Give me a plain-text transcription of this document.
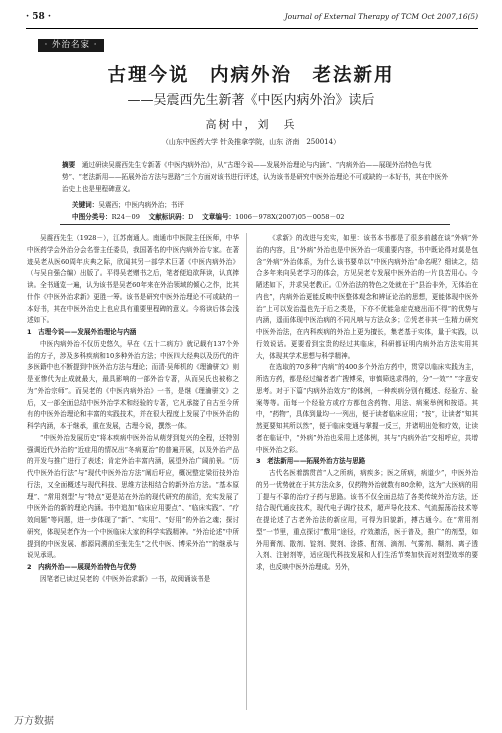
· 58 ·	Journal of External Therapy of TCM Oct 2007,16(5)
· 外治名家 ·
古理今说　内病外治　老法新用
——吴震西先生新著《中医内病外治》读后
高树中，刘　兵
（山东中医药大学 针灸推拿学院，山东 济南　250014）
摘要  通过研读吴震西先生专新著《中医内病外治》，从“古理今说——发展外治理论与内涵”、“内病外治——展现外治特色与优势”、“老法新用——拓展外治方法与思路”三个方面对该书进行评述，认为该书是研究中医外治理论不可或缺的一本好书，其在中医外治史上也是里程碑意义。
关键词：吴震西；中医内病外治；书评
中图分类号：R24－09  文献标识码：D  文章编号：1006－978X(2007)05－0058－02

吴震西先生（1928－），江苏南通人。南通市中医院主任医师，中华中医药学会外治分会名誉主任委员，我国著名的中医内病外治专家。在著迹吴老从医60周年庆典之际，欣闻其另一部学术巨著《中医内病外治》（与吴自强合编）出版了。平得吴老赠书之后，笔者便迫欲拜读，认真捧读。全书通览一遍，认为该书是吴老60年来在外治领域的倾心之作，比其什作《中医外治求新》更胜一筹。该书是研究中医外治理论不可或缺的一本好书，其在中医外治史上也应具有重要里程碑的意义。今将读后体会浅述如下。

1　古理今说——发展外治理论与内涵

中医内病外治不仅历史悠久，早在《五十二病方》就记载有137个外治的方子，涉及多科疾病和10多种外治方法；中医四大经典以及历代的许多医籍中也不断提到中医外治方法与理论；而清·吴师机的《理瀹骈文》则是亚惨代为止成就最大，最具影响的一部外治专著，从而吴氏也被称之为“外治宗师”。而吴老的《中医内病外治》一书，是继《理瀹骈文》之后，又一部全面总结中医外治学术和经验的专著，它凡承接了自古至今所有的中医外治理论和丰富的实践技术，并在很大程度上发展了中医外治的科学内涵，本于继承，重在发展，古理今说，撰然一体。

“中医外治发展历史”将本疾病中医外治从萌芽到复兴的全程，还特别强调近代外治的“近症用的情况出“冬病夏治”的普遍开展，以及外治产品的开发与推广进行了表述；肯定外治丰富内涵，展望外治广阔前景。“历代中医外治行法”与“现代中医外治方法”阐后吁应，概况整定梁衍技外治行法，又全面概述与现代科技、思维方法相结合的新外治方法。“基本原理”、“常用剂型”与“特点”更是站在外治的现代研究的前沿，充实发展了中医外治的新的理论内涵。书中追加“临床应用要点”、“临床实践”、“疗效间题”等问题，进一步体现了“新”、“实用”、“好用”的外治之魂；探讨研究，体现吴老作为一个中医临床大家的科学实践精神。“外治论述”中所提到的中医发展、都源同溯前至张先生”之代中医、博采外治“”的继承与说见承讯。

2　内病外治——展现外治特色与优势

因笔者已读过吴老的《中医外治求新》一书，故阅诵该书是

《求新》的改进与充实，如里：该书本书都是了很多前越在谈“外病”外治的内容，且“外病”外治也是中医外治一项重要内容，书中既论得对莫是包含“外病”外治体系，为什么该书要单以“中医内病外治”命名呢？细读之，结合多年来向吴老学习的体会，方见吴老专发展中医外治的一片良苦用心。今陋述如下，并求吴老教正。①外治法的特色之处就在于“县治非外，无体治在内也”，内病外治更能反映中医整体观念和辨证论治的思想，更能体现中医外治“上可以发治温也先于后之类是，下亦不优能急症克疲出而不得”的优势与内涵，遥而体现中医治病的不同凡响与方法众多；②凭老非其一生精力研究中医外治法，在内科疾病的外治上更为擅长，集老基于实体，量于实践，以行效说话。更要看到宝贵的经过其临床，科研都证明内病外治方法实用其大，体现其学术思想与科学精神。

在选取的70多种“内病”的400多个外治方药中，贯穿以临床实践为主，所选方药，都是经过编者者广搜博采，审慎筛选求得的，分“一效”“ ”字意安思考。对于下篇“内病外治效方”的体例，一种疾病分别有概述、经验方、验案等等。而每一个经验方或疗方都包含药物、用法、病案举例和按语。其中，“药物”，具体到量均一一列出，便于读者临床应用；“按”，让读者“知其然更要知其所以然”，便于临床变通与掌握一反三，并诸明出处和疗效，让读者在临证中，“外病”外治也采用上述体例，其与“内病外治”交相呼应，共增中医外治之彩。

3　老法新用——拓展外治方法与思路

古代名医着鹊贯首“人之所病，病疾多；医之所病，病道少”，中医外治的另一优势就在于其方法众多，仅药物外治就数有80余种，这为“大医病的用丁提与不靠的治疗子药与思路。该书不仅全面总结了各类传统外治方法，还结合现代通皮技术，现代电子调疗技术，超声导化技术、气流振荡治技术等在提论述了古老外治法的新应用，可得为旧貌新，搏古通今。在“常用剂型”一节里，重点探讨“敷用”途径，疗效激活，医于普及，推广”的剂型，如外用膏剂、散剂、锭剂、熨剂、涂搽、酊剂、滴剂、气雾剂、糊剂、离子透入剂、注射剂等，适应现代科技发展和人们生活节奏加快而对剂型效率的要求，也反映中医外治理成。另外，

万方数据
